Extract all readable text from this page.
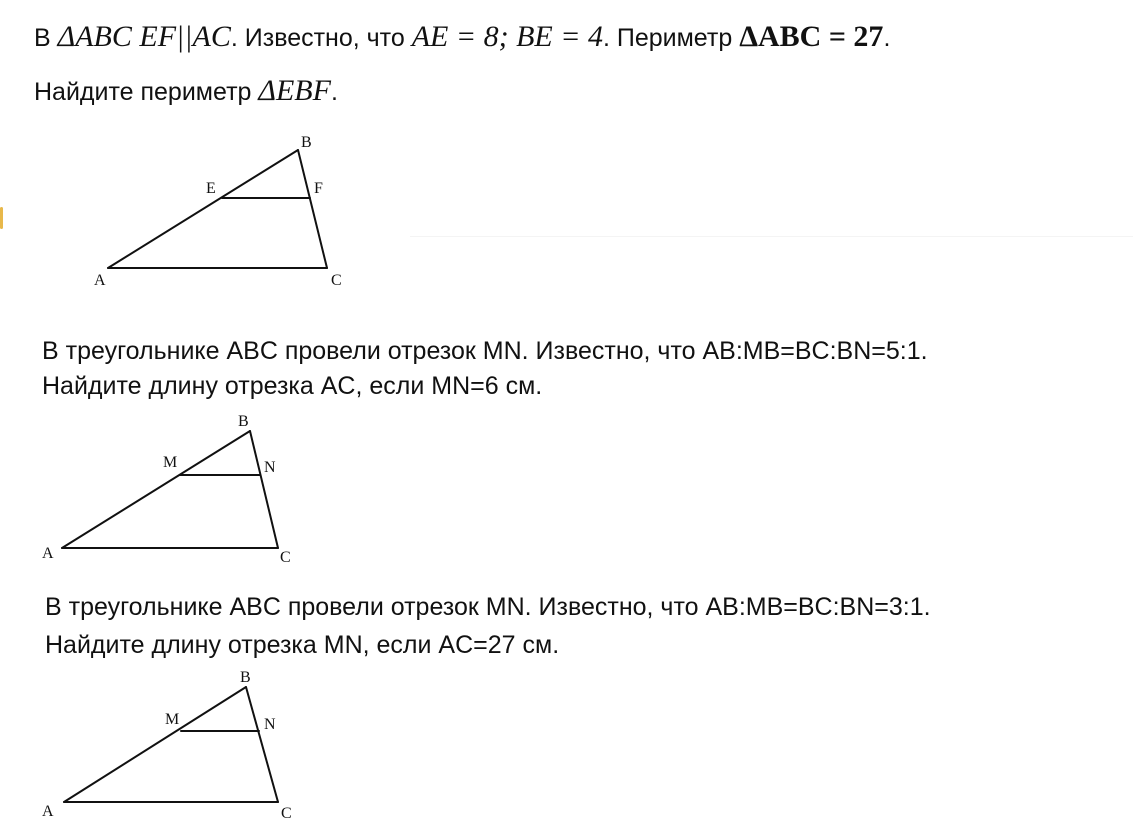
В ΔABC EF||AC. Известно, что AE = 8; BE = 4. Периметр ΔABC = 27.
Найдите периметр ΔEBF.
B
E	F
A	C
В треугольнике ABC провели отрезок MN. Известно, что AB:MB=BC:BN=5:1.
Найдите длину отрезка AC, если MN=6 см.
B
M	N
A	C
В треугольнике ABC провели отрезок MN. Известно, что AB:MB=BC:BN=3:1.
Найдите длину отрезка MN, если AC=27 см.
B
M	N
A	C
